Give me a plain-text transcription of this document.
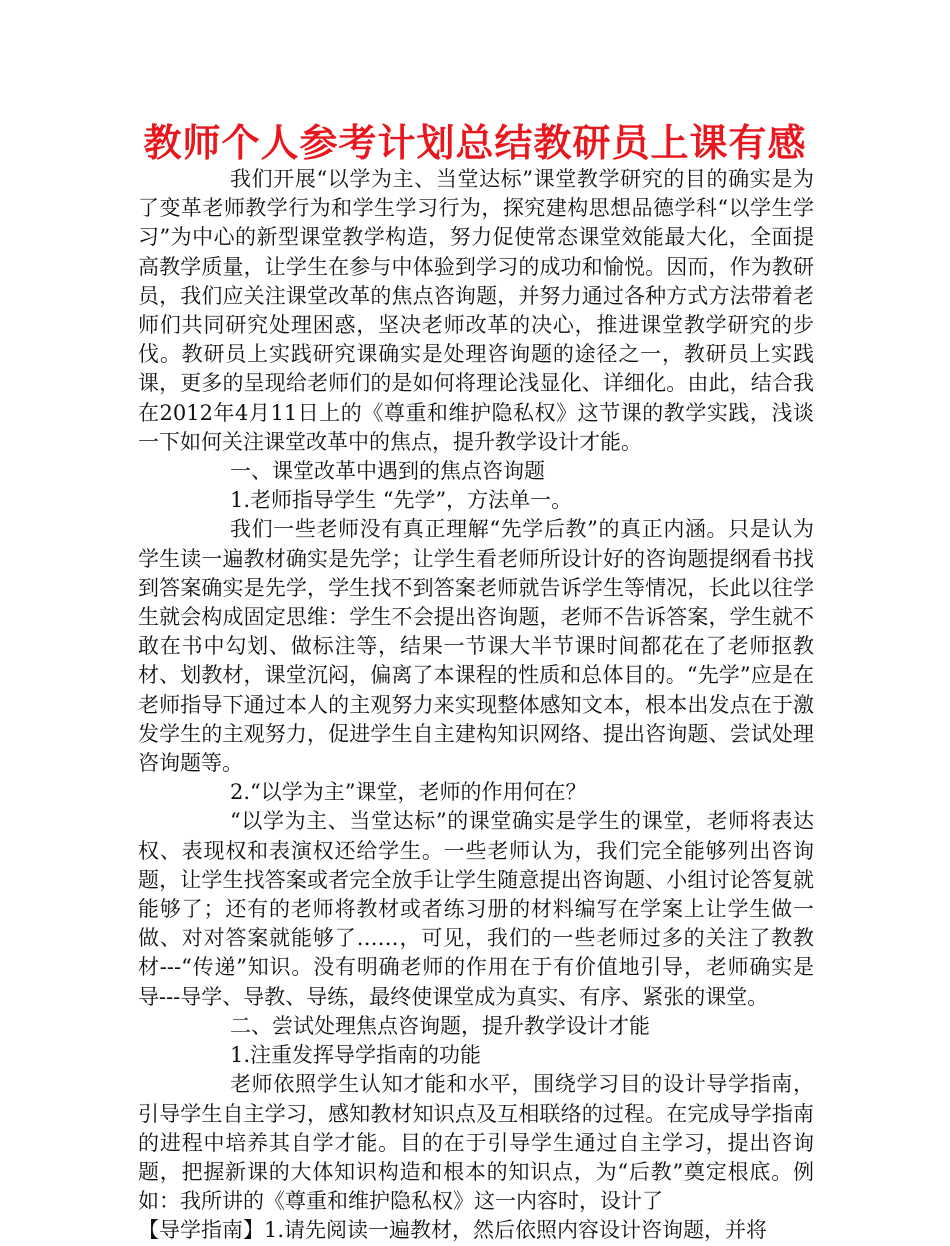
教师个人参考计划总结教研员上课有感

我们开展“以学为主、当堂达标”课堂教学研究的目的确实是为了变革老师教学行为和学生学习行为，探究建构思想品德学科“以学生学习”为中心的新型课堂教学构造，努力促使常态课堂效能最大化，全面提高教学质量，让学生在参与中体验到学习的成功和愉悦。因而，作为教研员，我们应关注课堂改革的焦点咨询题，并努力通过各种方式方法带着老师们共同研究处理困惑，坚决老师改革的决心，推进课堂教学研究的步伐。教研员上实践研究课确实是处理咨询题的途径之一，教研员上实践课，更多的呈现给老师们的是如何将理论浅显化、详细化。由此，结合我在2012年4月11日上的《尊重和维护隐私权》这节课的教学实践，浅谈一下如何关注课堂改革中的焦点，提升教学设计才能。

一、课堂改革中遇到的焦点咨询题

1.老师指导学生 “先学”，方法单一。

我们一些老师没有真正理解“先学后教”的真正内涵。只是认为学生读一遍教材确实是先学；让学生看老师所设计好的咨询题提纲看书找到答案确实是先学，学生找不到答案老师就告诉学生等情况，长此以往学生就会构成固定思维：学生不会提出咨询题，老师不告诉答案，学生就不敢在书中勾划、做标注等，结果一节课大半节课时间都花在了老师抠教材、划教材，课堂沉闷，偏离了本课程的性质和总体目的。“先学”应是在老师指导下通过本人的主观努力来实现整体感知文本，根本出发点在于激发学生的主观努力，促进学生自主建构知识网络、提出咨询题、尝试处理咨询题等。

2.“以学为主”课堂，老师的作用何在？

“以学为主、当堂达标”的课堂确实是学生的课堂，老师将表达权、表现权和表演权还给学生。一些老师认为，我们完全能够列出咨询题，让学生找答案或者完全放手让学生随意提出咨询题、小组讨论答复就能够了；还有的老师将教材或者练习册的材料编写在学案上让学生做一做、对对答案就能够了……，可见，我们的一些老师过多的关注了教教材---“传递”知识。没有明确老师的作用在于有价值地引导，老师确实是导---导学、导教、导练，最终使课堂成为真实、有序、紧张的课堂。

二、尝试处理焦点咨询题，提升教学设计才能

1.注重发挥导学指南的功能

老师依照学生认知才能和水平，围绕学习目的设计导学指南，引导学生自主学习，感知教材知识点及互相联络的过程。在完成导学指南的进程中培养其自学才能。目的在于引导学生通过自主学习，提出咨询题，把握新课的大体知识构造和根本的知识点，为“后教”奠定根底。例如：我所讲的《尊重和维护隐私权》这一内容时，设计了

【导学指南】1.请先阅读一遍教材，然后依照内容设计咨询题，并将
